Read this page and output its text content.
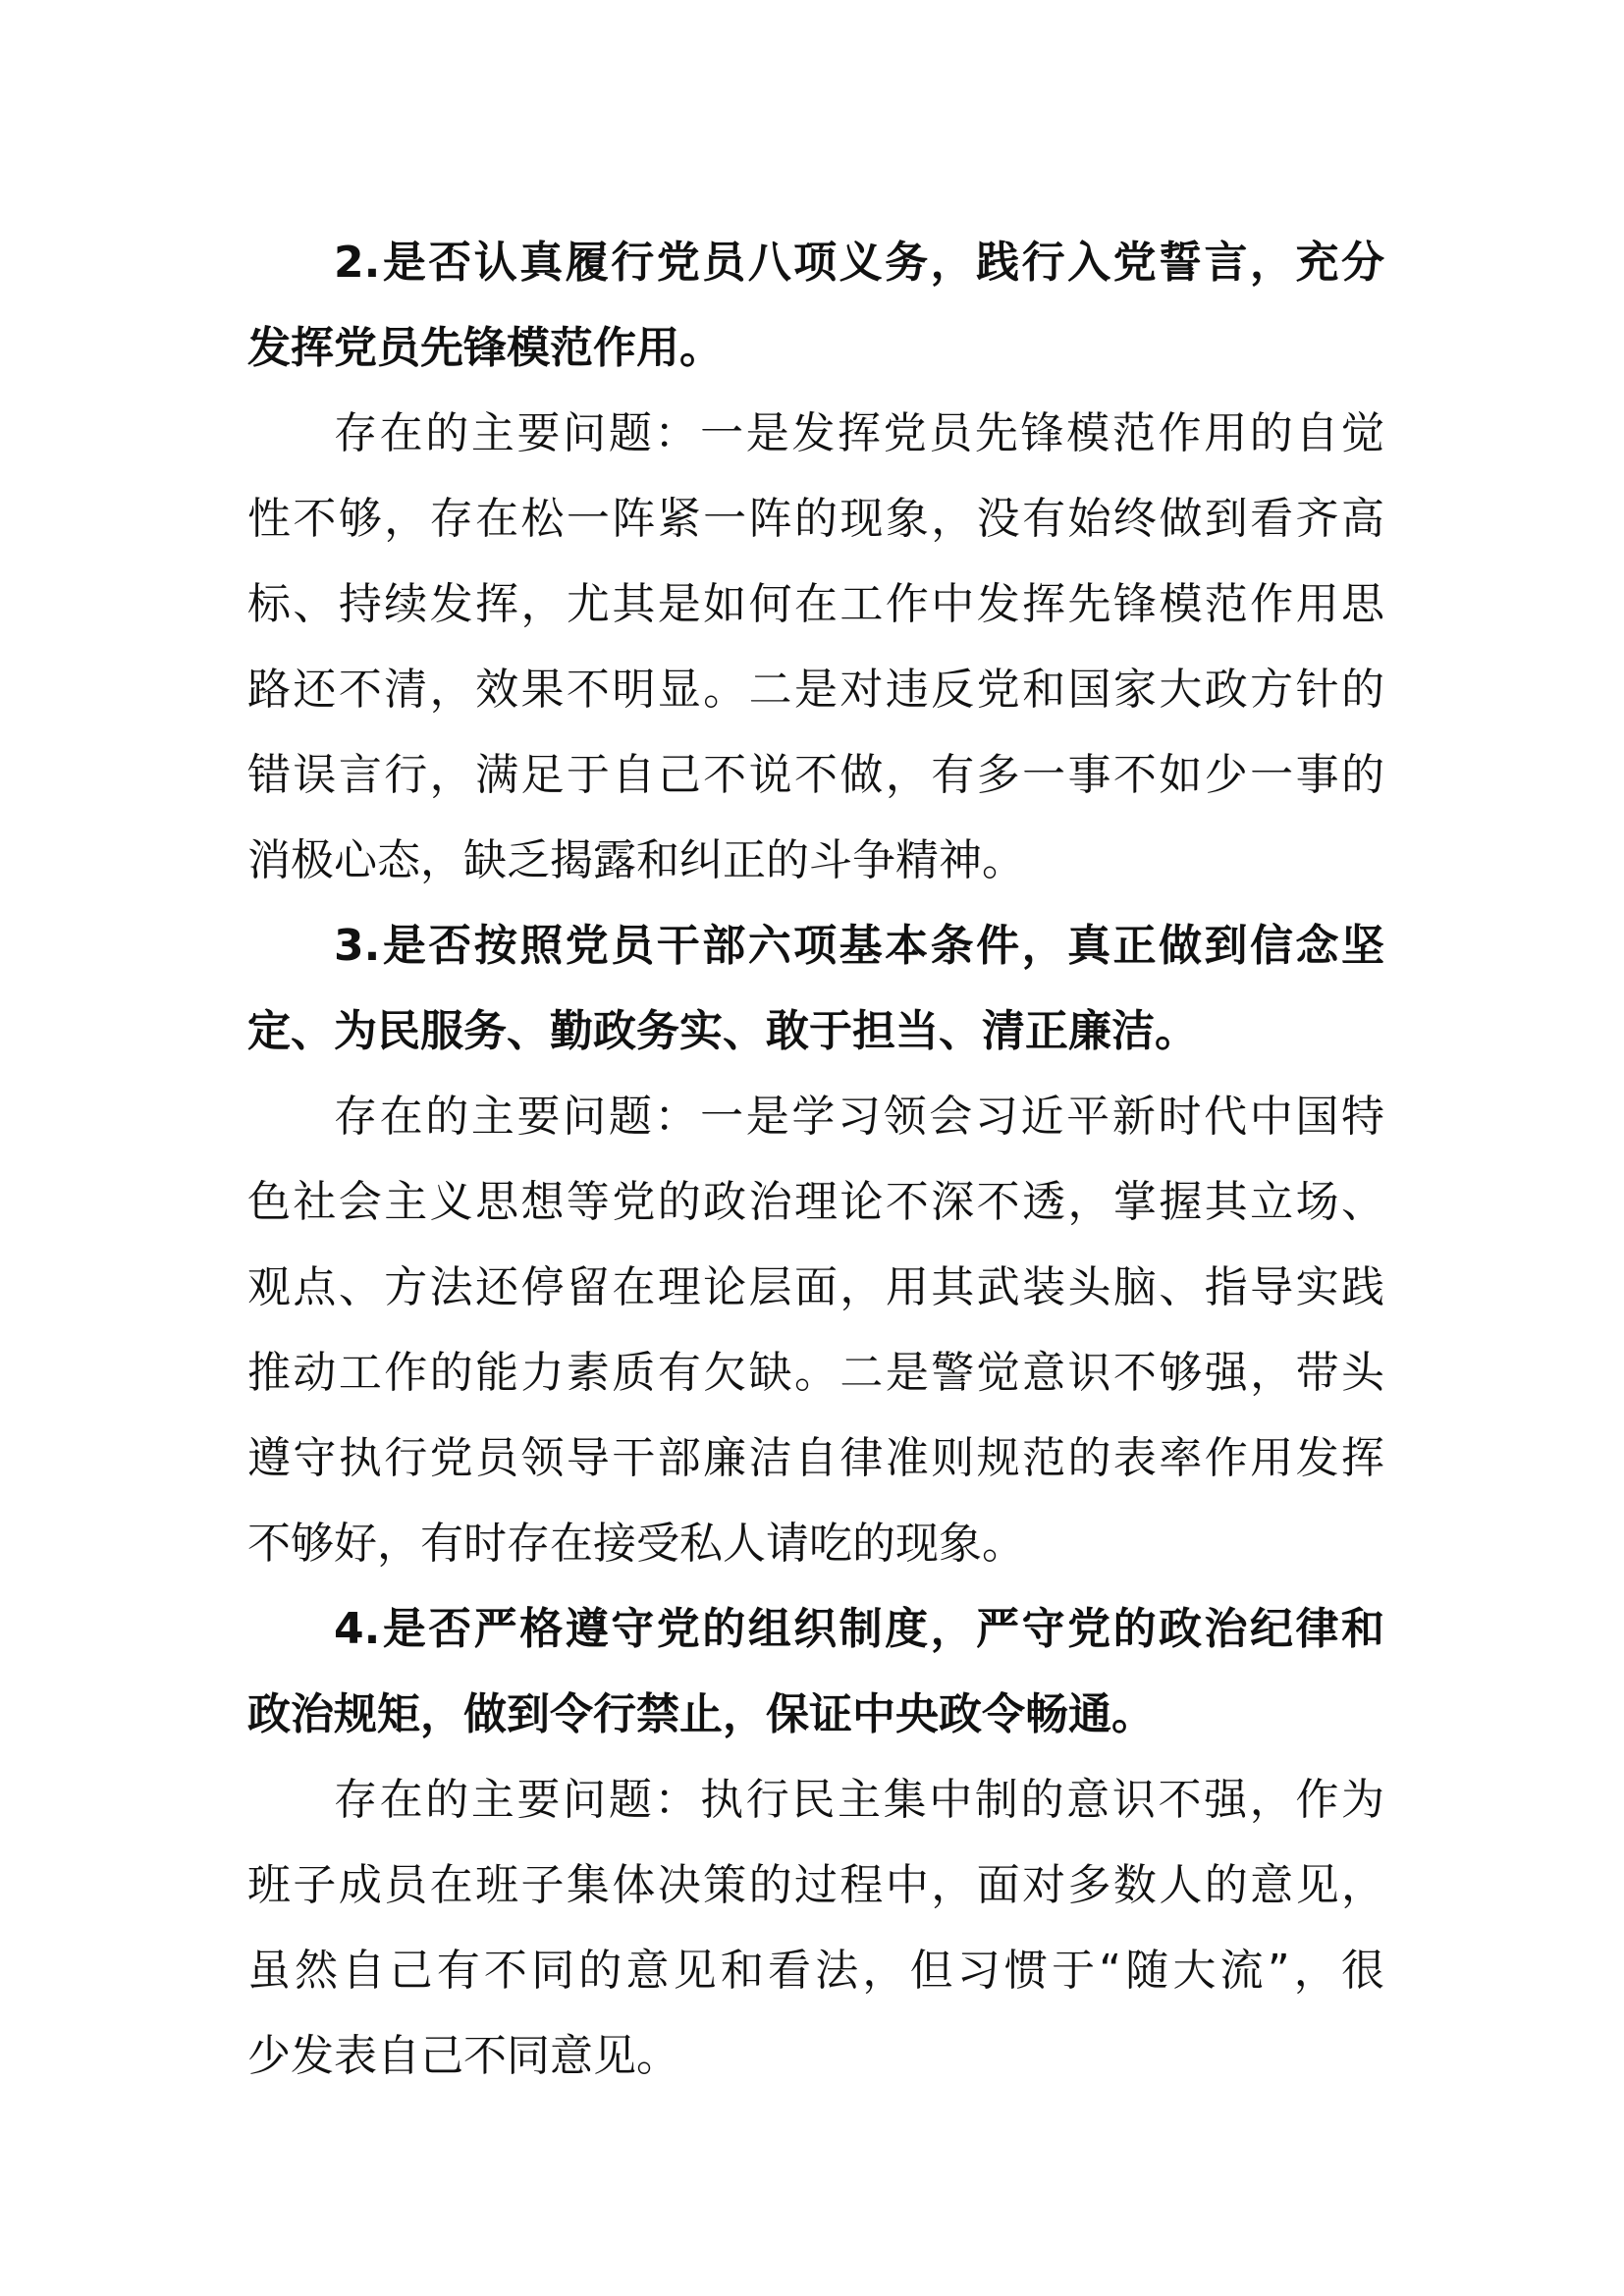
2.是否认真履行党员八项义务，践行入党誓言，充分
发挥党员先锋模范作用。
存在的主要问题：一是发挥党员先锋模范作用的自觉
性不够，存在松一阵紧一阵的现象，没有始终做到看齐高
标、持续发挥，尤其是如何在工作中发挥先锋模范作用思
路还不清，效果不明显。二是对违反党和国家大政方针的
错误言行，满足于自己不说不做，有多一事不如少一事的
消极心态，缺乏揭露和纠正的斗争精神。
3.是否按照党员干部六项基本条件，真正做到信念坚
定、为民服务、勤政务实、敢于担当、清正廉洁。
存在的主要问题：一是学习领会习近平新时代中国特
色社会主义思想等党的政治理论不深不透，掌握其立场、
观点、方法还停留在理论层面，用其武装头脑、指导实践
推动工作的能力素质有欠缺。二是警觉意识不够强，带头
遵守执行党员领导干部廉洁自律准则规范的表率作用发挥
不够好，有时存在接受私人请吃的现象。
4.是否严格遵守党的组织制度，严守党的政治纪律和
政治规矩，做到令行禁止，保证中央政令畅通。
存在的主要问题：执行民主集中制的意识不强，作为
班子成员在班子集体决策的过程中，面对多数人的意见，
虽然自己有不同的意见和看法，但习惯于“随大流”，很
少发表自己不同意见。
